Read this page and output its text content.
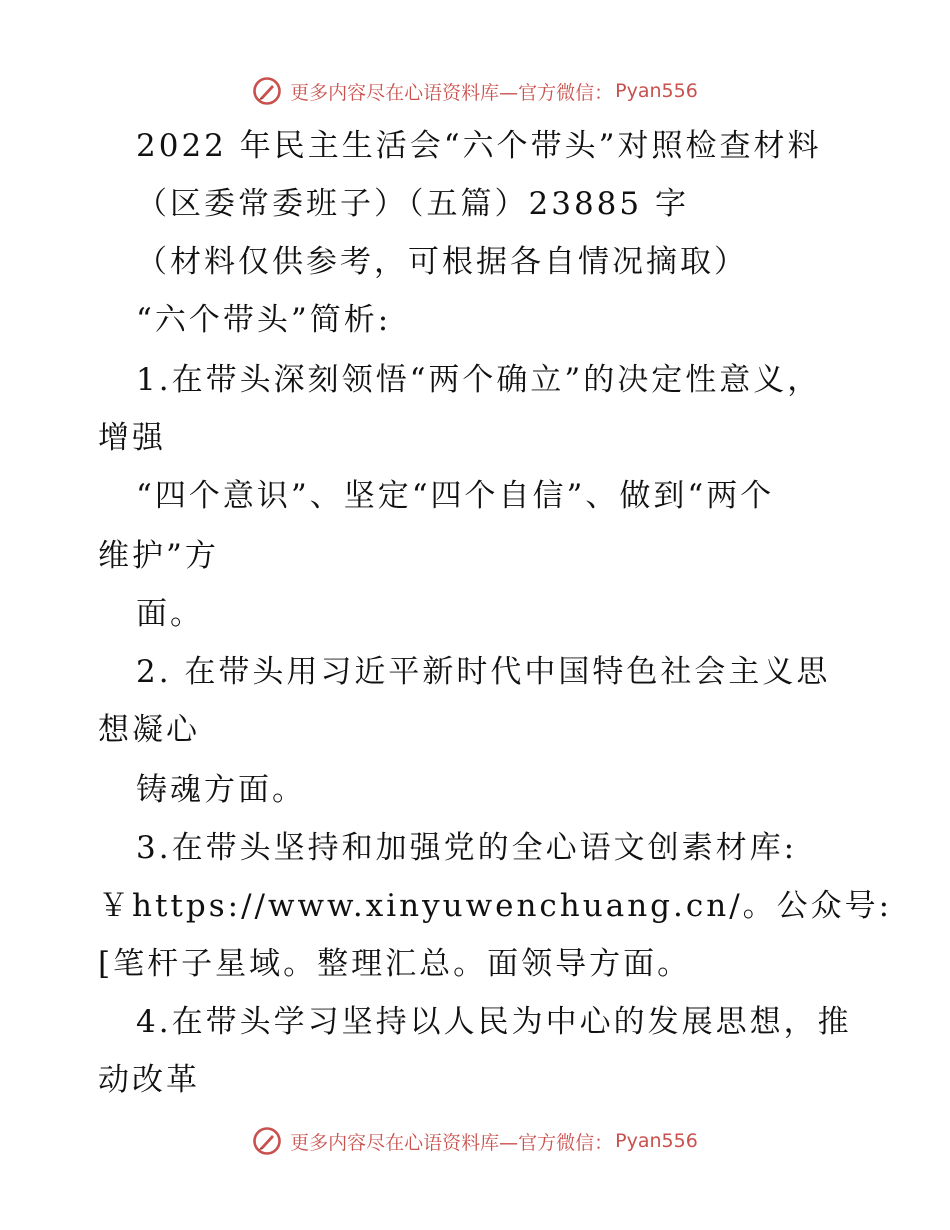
更多内容尽在心语资料库—官方微信： Pyan556
2022 年民主生活会“六个带头”对照检查材料
（区委常委班子）（五篇）23885 字
（材料仅供参考，可根据各自情况摘取）
“六个带头”简析:
1.在带头深刻领悟“两个确立”的决定性意义，
增强
“四个意识”、坚定“四个自信”、做到“两个
维护”方
面。
2. 在带头用习近平新时代中国特色社会主义思
想凝心
铸魂方面。
3.在带头坚持和加强党的全心语文创素材库:
￥https://www.xinyuwenchuang.cn/。公众号:
[笔杆子星域。整理汇总。面领导方面。
4.在带头学习坚持以人民为中心的发展思想，推
动改革
更多内容尽在心语资料库—官方微信： Pyan556
